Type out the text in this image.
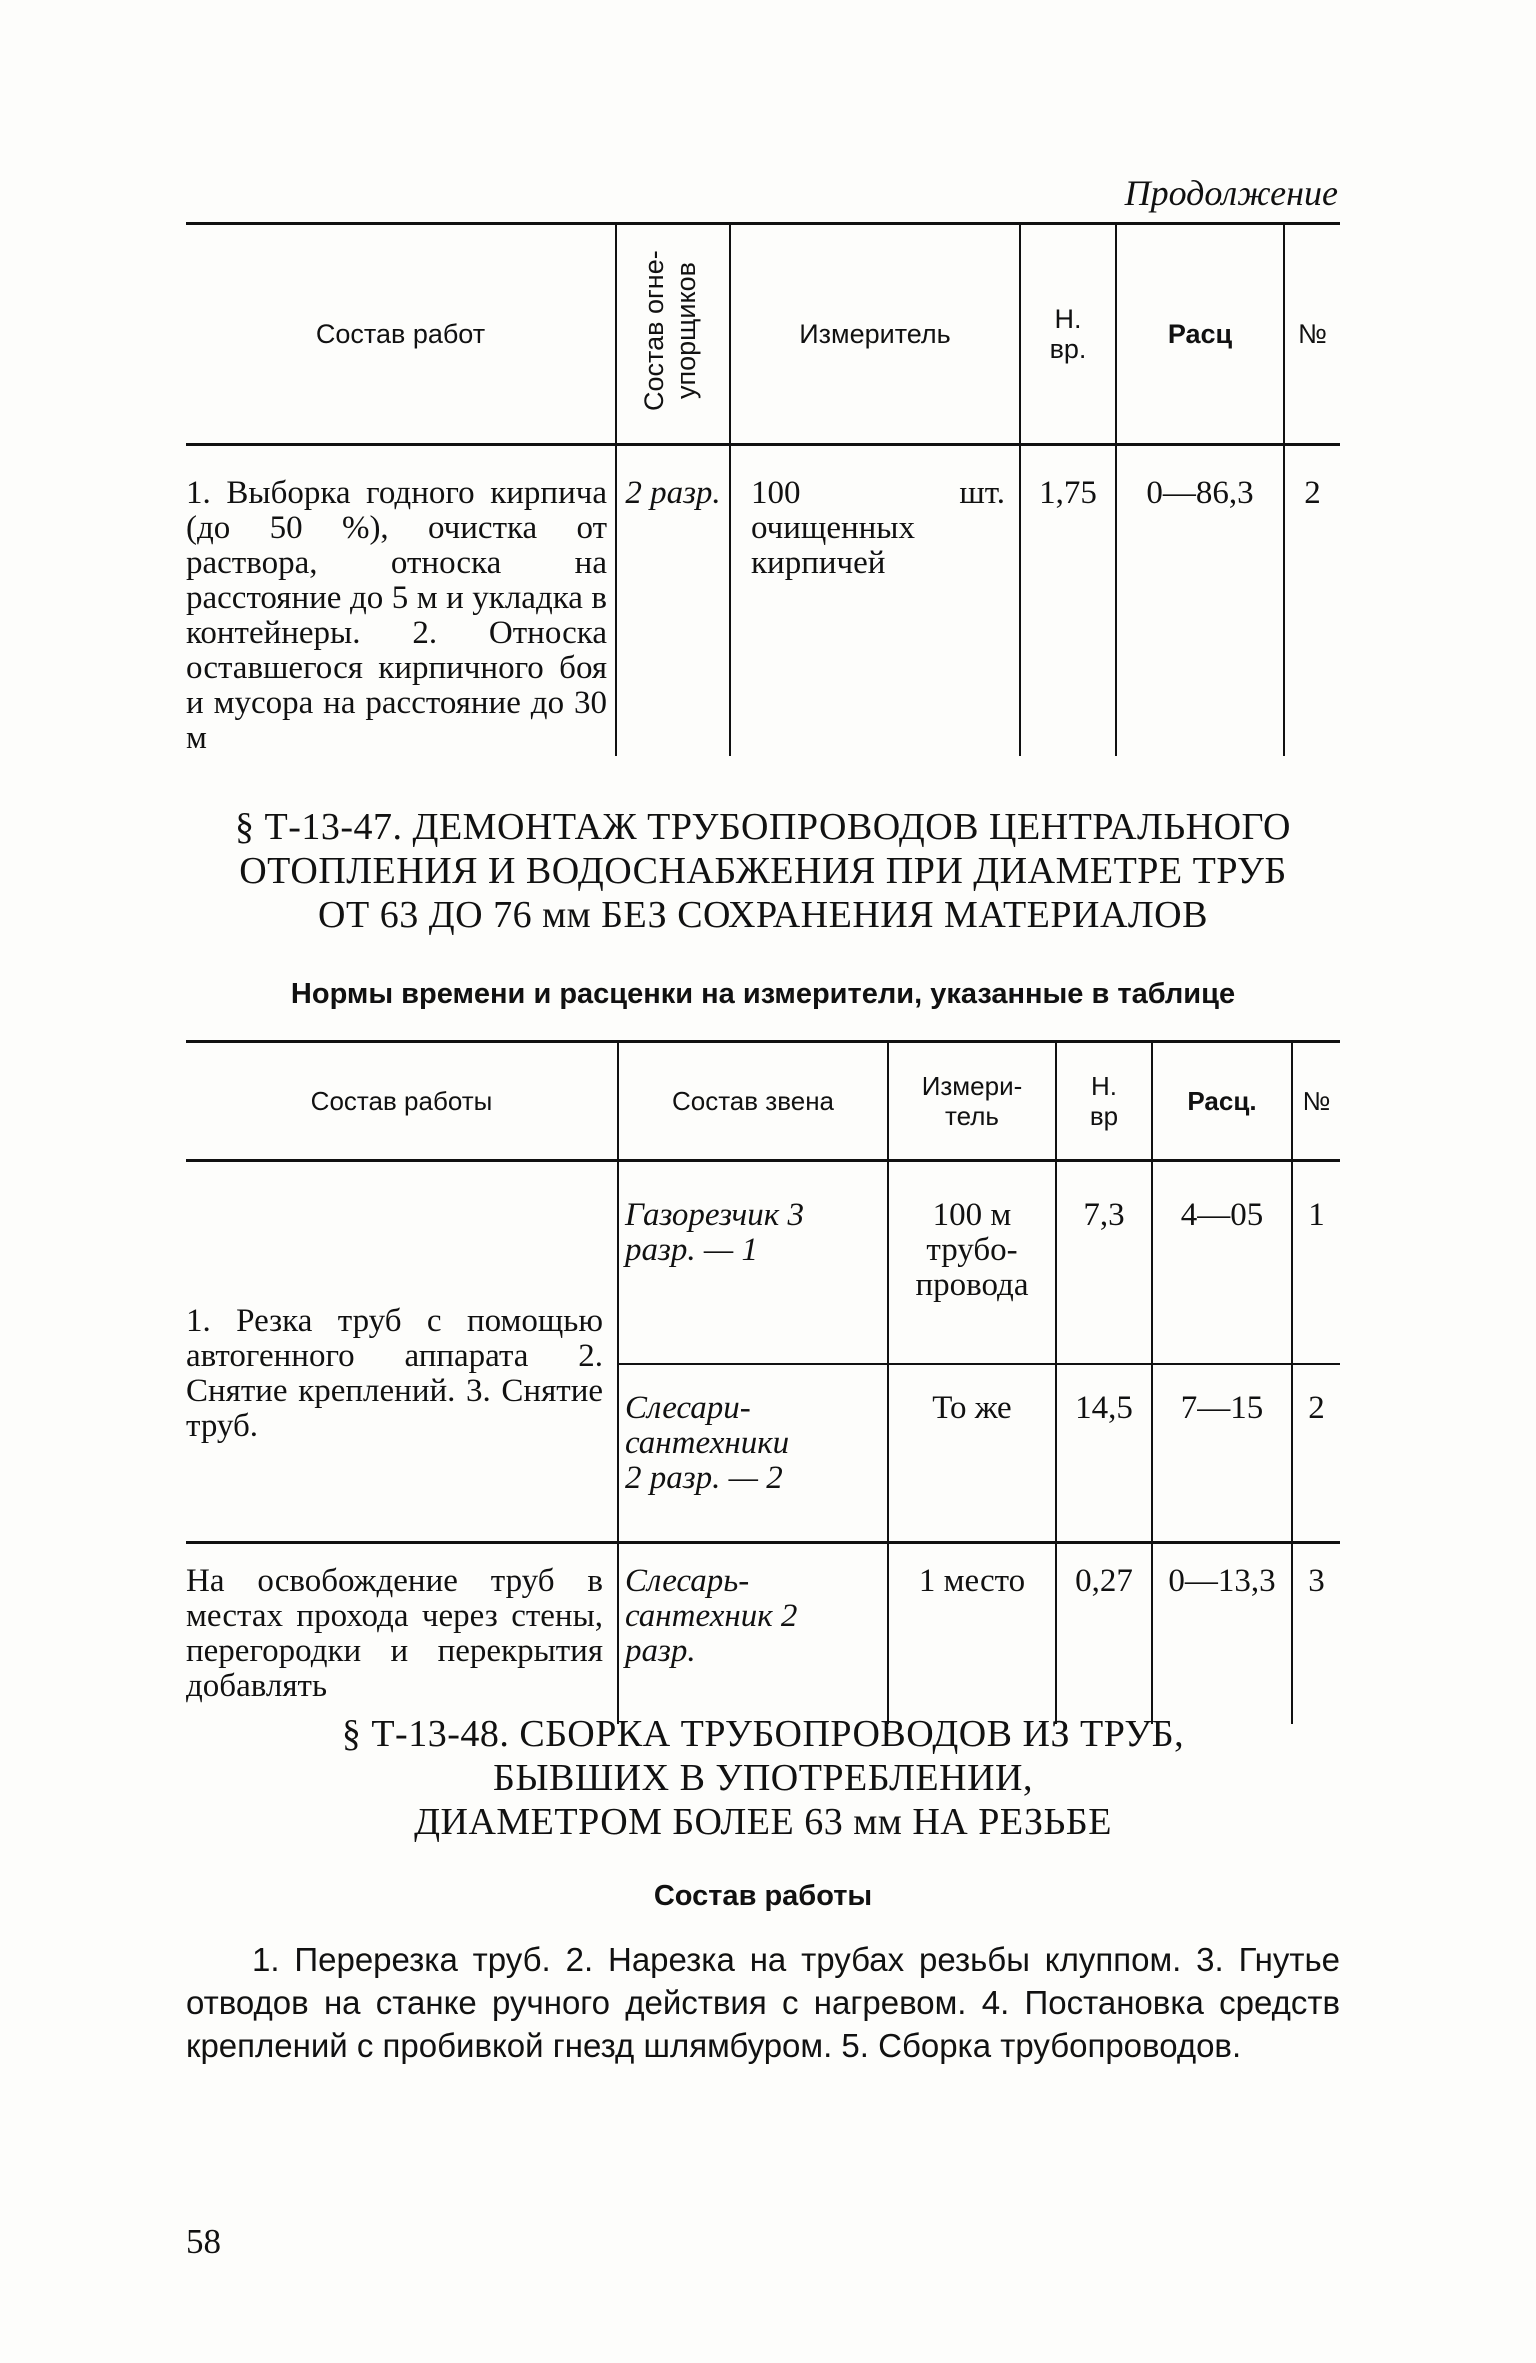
Продолжение
Состав работ	Состав огне-упорщиков	Измеритель	Н. вр.	Расц	№
1. Выборка годного кирпича (до 50 %), очистка от раствора, относка на расстояние до 5 м и укладка в контейнеры. 2. Относка оставшегося кирпичного боя и мусора на расстояние до 30 м	2 разр.	100 шт. очищенных кирпичей	1,75	0—86,3	2
§ Т-13-47. ДЕМОНТАЖ ТРУБОПРОВОДОВ ЦЕНТРАЛЬНОГО
ОТОПЛЕНИЯ И ВОДОСНАБЖЕНИЯ ПРИ ДИАМЕТРЕ ТРУБ
ОТ 63 ДО 76 мм БЕЗ СОХРАНЕНИЯ МАТЕРИАЛОВ
Нормы времени и расценки на измерители, указанные в таблице
Состав работы	Состав звена	Измери-тель	Н. вр	Расц.	№
1. Резка труб с помощью автогенного аппарата 2. Снятие креплений. 3. Снятие труб.	Газорезчик 3 разр. — 1	100 м трубо-провода	7,3	4—05	1
	Слесари-сантехники 2 разр. — 2	То же	14,5	7—15	2
На освобождение труб в местах прохода через стены, перегородки и перекрытия добавлять	Слесарь-сантехник 2 разр.	1 место	0,27	0—13,3	3
§ Т-13-48. СБОРКА ТРУБОПРОВОДОВ ИЗ ТРУБ,
БЫВШИХ В УПОТРЕБЛЕНИИ,
ДИАМЕТРОМ БОЛЕЕ 63 мм НА РЕЗЬБЕ
Состав работы
1. Перерезка труб. 2. Нарезка на трубах резьбы клуппом. 3. Гнутье отводов на станке ручного действия с нагревом. 4. Постановка средств креплений с пробивкой гнезд шлямбуром. 5. Сборка трубопроводов.
58
